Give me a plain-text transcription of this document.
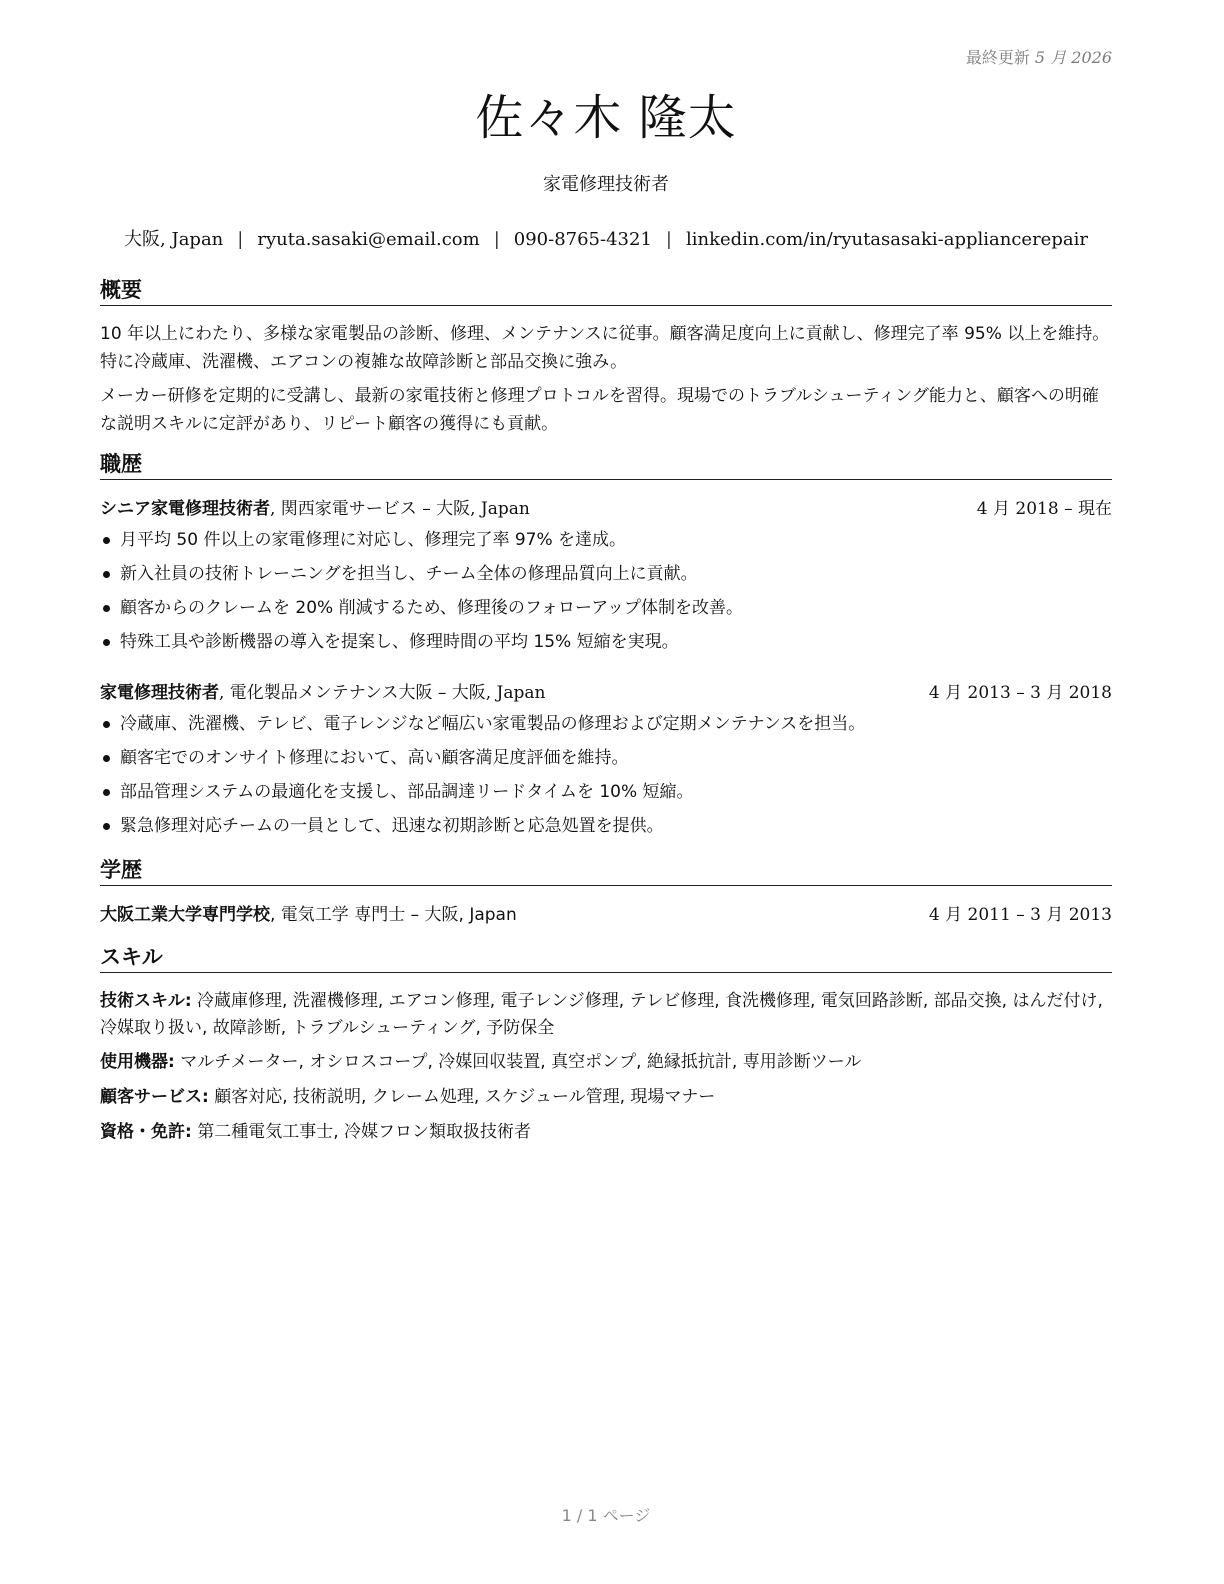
最終更新 5 月 2026
佐々木 隆太
家電修理技術者
大阪, Japan | ryuta.sasaki@email.com | 090-8765-4321 | linkedin.com/in/ryutasasaki-appliancerepair
概要
10 年以上にわたり、多様な家電製品の診断、修理、メンテナンスに従事。顧客満足度向上に貢献し、修理完了率 95% 以上を維持。特に冷蔵庫、洗濯機、エアコンの複雑な故障診断と部品交換に強み。
メーカー研修を定期的に受講し、最新の家電技術と修理プロトコルを習得。現場でのトラブルシューティング能力と、顧客への明確な説明スキルに定評があり、リピート顧客の獲得にも貢献。
職歴
シニア家電修理技術者, 関西家電サービス – 大阪, Japan	4 月 2018 – 現在
月平均 50 件以上の家電修理に対応し、修理完了率 97% を達成。
新入社員の技術トレーニングを担当し、チーム全体の修理品質向上に貢献。
顧客からのクレームを 20% 削減するため、修理後のフォローアップ体制を改善。
特殊工具や診断機器の導入を提案し、修理時間の平均 15% 短縮を実現。
家電修理技術者, 電化製品メンテナンス大阪 – 大阪, Japan	4 月 2013 – 3 月 2018
冷蔵庫、洗濯機、テレビ、電子レンジなど幅広い家電製品の修理および定期メンテナンスを担当。
顧客宅でのオンサイト修理において、高い顧客満足度評価を維持。
部品管理システムの最適化を支援し、部品調達リードタイムを 10% 短縮。
緊急修理対応チームの一員として、迅速な初期診断と応急処置を提供。
学歴
大阪工業大学専門学校, 電気工学 専門士 – 大阪, Japan	4 月 2011 – 3 月 2013
スキル
技術スキル: 冷蔵庫修理, 洗濯機修理, エアコン修理, 電子レンジ修理, テレビ修理, 食洗機修理, 電気回路診断, 部品交換, はんだ付け, 冷媒取り扱い, 故障診断, トラブルシューティング, 予防保全
使用機器: マルチメーター, オシロスコープ, 冷媒回収装置, 真空ポンプ, 絶縁抵抗計, 専用診断ツール
顧客サービス: 顧客対応, 技術説明, クレーム処理, スケジュール管理, 現場マナー
資格・免許: 第二種電気工事士, 冷媒フロン類取扱技術者
1 / 1 ページ
